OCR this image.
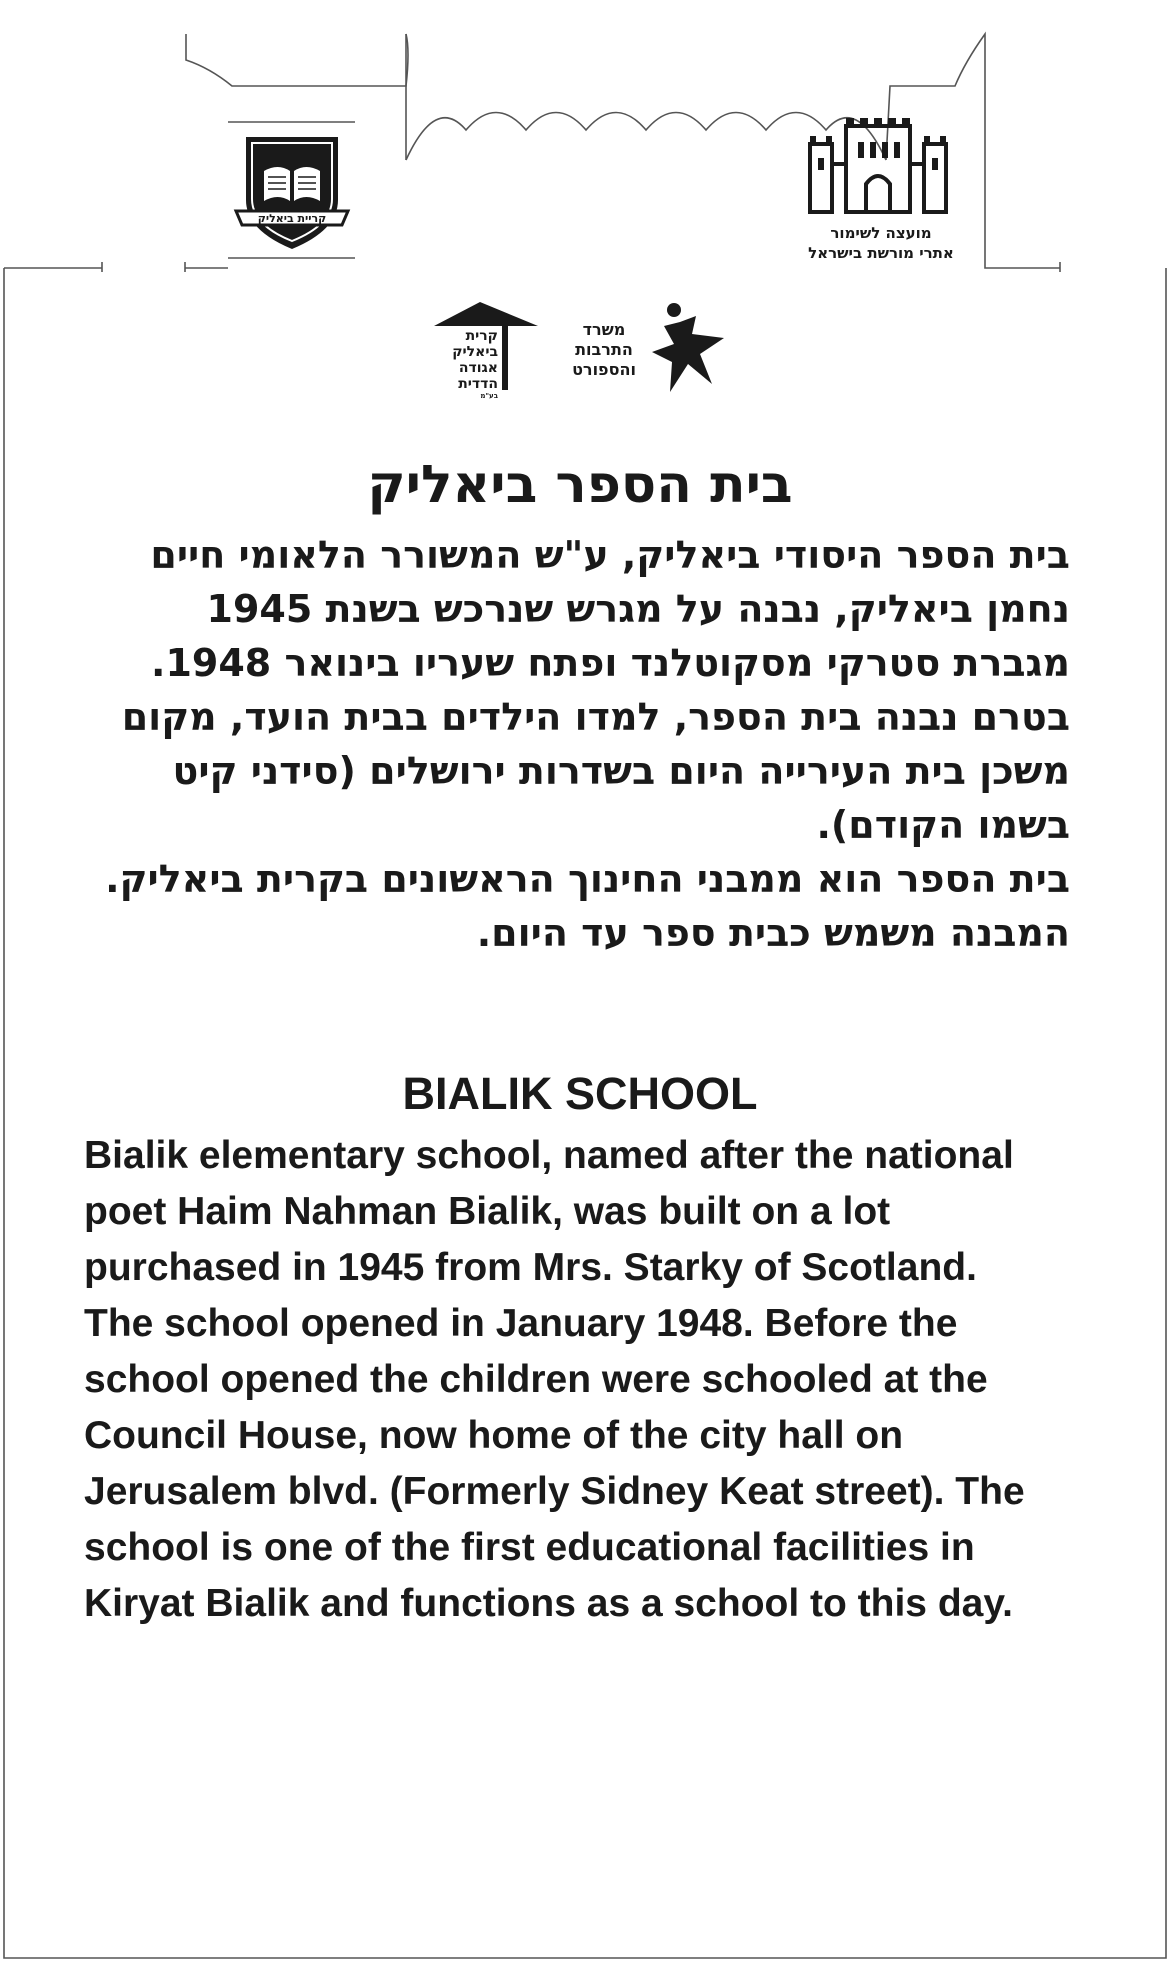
קריית ביאליק
מועצה לשימור
אתרי מורשת בישראל
קרית
ביאליק
אגודה
הדדית
בע"מ
משרד
התרבות
והספורט
בית הספר ביאליק

בית הספר היסודי ביאליק, ע"ש המשורר הלאומי חיים נחמן ביאליק, נבנה על מגרש שנרכש בשנת 1945 מגברת סטרקי מסקוטלנד ופתח שעריו בינואר 1948. בטרם נבנה בית הספר, למדו הילדים בבית הועד, מקום משכן בית העירייה היום בשדרות ירושלים (סידני קיט בשמו הקודם).

בית הספר הוא ממבני החינוך הראשונים בקרית ביאליק. המבנה משמש כבית ספר עד היום.

BIALIK SCHOOL

Bialik elementary school, named after the national poet Haim Nahman Bialik, was built on a lot purchased in 1945 from Mrs. Starky of Scotland. The school opened in January 1948. Before the school opened the children were schooled at the Council House, now home of the city hall on Jerusalem blvd. (Formerly Sidney Keat street). The school is one of the first educational facilities in Kiryat Bialik and functions as a school to this day.
